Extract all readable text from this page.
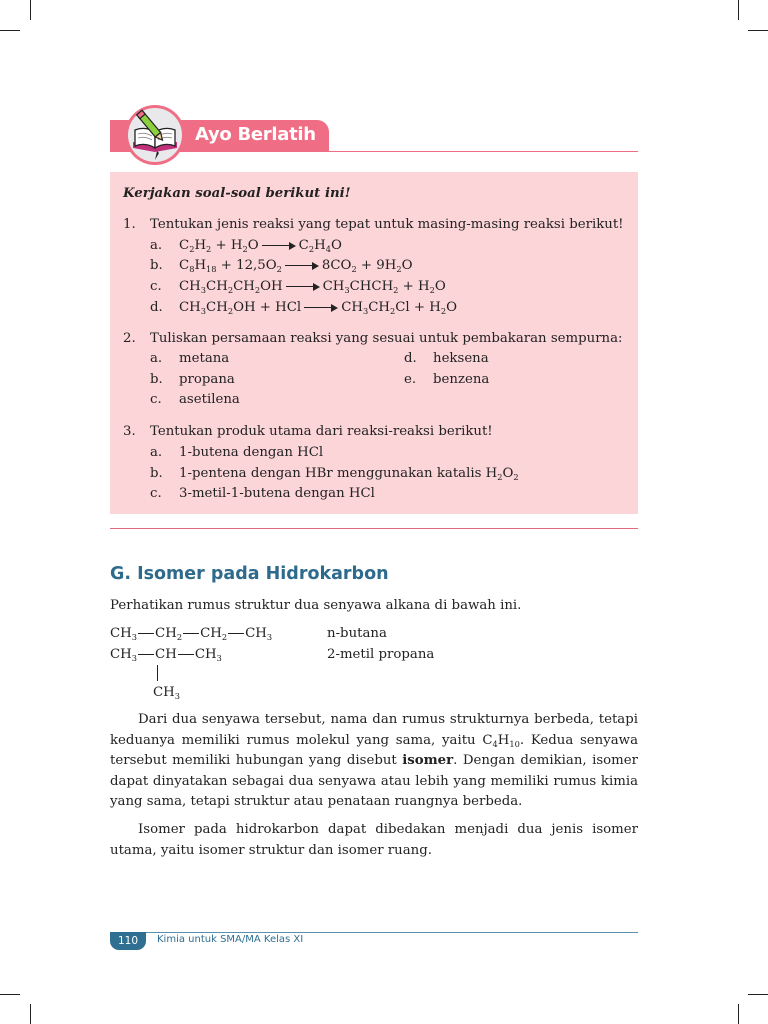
Ayo Berlatih
Kerjakan soal-soal berikut ini!
1. Tentukan jenis reaksi yang tepat untuk masing-masing reaksi berikut!
a. $C_2H_2 + H_2O$	$C_2H_4O$
b. $C_8H_{18} + 12,5O_2$	$8CO_2 + 9H_2O$
c. $CH_3CH_2CH_2OH$	$CH_3CHCH_2 + H_2O$
d. $CH_3CH_2OH$ + HCl	$CH_3CH_2Cl + H_2O$
2. Tuliskan persamaan reaksi yang sesuai untuk pembakaran sempurna:
a. metana
b. propana
c. asetilena
d. heksena
e. benzena
3. Tentukan produk utama dari reaksi-reaksi berikut!
a. 1-butena dengan HCl
b. 1-pentena dengan HBr menggunakan katalis $H_2O_2$
c. 3-metil-1-butena dengan HCl
G. Isomer pada Hidrokarbon
Perhatikan rumus struktur dua senyawa alkana di bawah ini.
$CH_3$ $CH_2$ $CH_2$ $CH_3$	n-butana
$CH_3$ CH $CH_3$	2-metil propana
$CH_3$
Dari dua senyawa tersebut, nama dan rumus strukturnya berbeda, tetapi keduanya memiliki rumus molekul yang sama, yaitu $C_4H_{10}$. Kedua senyawa tersebut memiliki hubungan yang disebut isomer. Dengan demikian, isomer dapat dinyatakan sebagai dua senyawa atau lebih yang memiliki rumus kimia yang sama, tetapi struktur atau penataan ruangnya berbeda.
Isomer pada hidrokarbon dapat dibedakan menjadi dua jenis isomer utama, yaitu isomer struktur dan isomer ruang.
110	Kimia untuk SMA/MA Kelas XI
